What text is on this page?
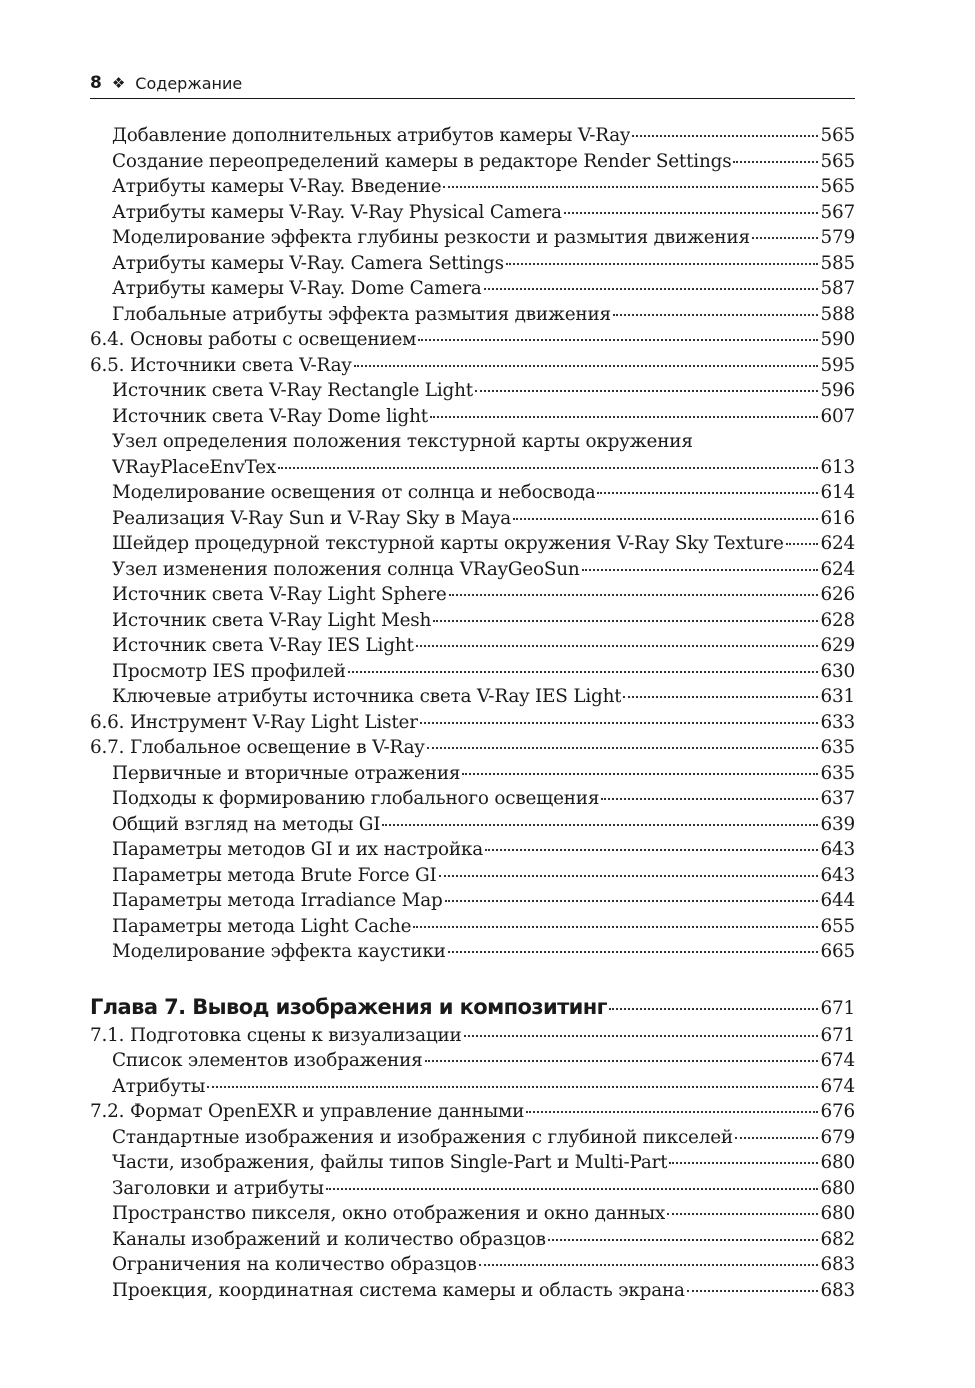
8 ❖ Содержание
Добавление дополнительных атрибутов камеры V-Ray	565
Создание переопределений камеры в редакторе Render Settings	565
Атрибуты камеры V-Ray. Введение	565
Атрибуты камеры V-Ray. V-Ray Physical Camera	567
Моделирование эффекта глубины резкости и размытия движения	579
Атрибуты камеры V-Ray. Camera Settings	585
Атрибуты камеры V-Ray. Dome Camera	587
Глобальные атрибуты эффекта размытия движения	588
6.4. Основы работы с освещением	590
6.5. Источники света V-Ray	595
Источник света V-Ray Rectangle Light	596
Источник света V-Ray Dome light	607
Узел определения положения текстурной карты окружения
VRayPlaceEnvTex	613
Моделирование освещения от солнца и небосвода	614
Реализация V-Ray Sun и V-Ray Sky в Maya	616
Шейдер процедурной текстурной карты окружения V-Ray Sky Texture 624
Узел изменения положения солнца VRayGeoSun	624
Источник света V-Ray Light Sphere	626
Источник света V-Ray Light Mesh	628
Источник света V-Ray IES Light	629
Просмотр IES профилей	630
Ключевые атрибуты источника света V-Ray IES Light	631
6.6. Инструмент V-Ray Light Lister	633
6.7. Глобальное освещение в V-Ray	635
Первичные и вторичные отражения	635
Подходы к формированию глобального освещения	637
Общий взгляд на методы GI	639
Параметры методов GI и их настройка	643
Параметры метода Brute Force GI	643
Параметры метода Irradiance Map	644
Параметры метода Light Cache	655
Моделирование эффекта каустики	665
Глава 7. Вывод изображения и композитинг	671
7.1. Подготовка сцены к визуализации	671
Список элементов изображения	674
Атрибуты	674
7.2. Формат OpenEXR и управление данными	676
Стандартные изображения и изображения с глубиной пикселей	679
Части, изображения, файлы типов Single-Part и Multi-Part	680
Заголовки и атрибуты	680
Пространство пикселя, окно отображения и окно данных	680
Каналы изображений и количество образцов	682
Ограничения на количество образцов	683
Проекция, координатная система камеры и область экрана	683
